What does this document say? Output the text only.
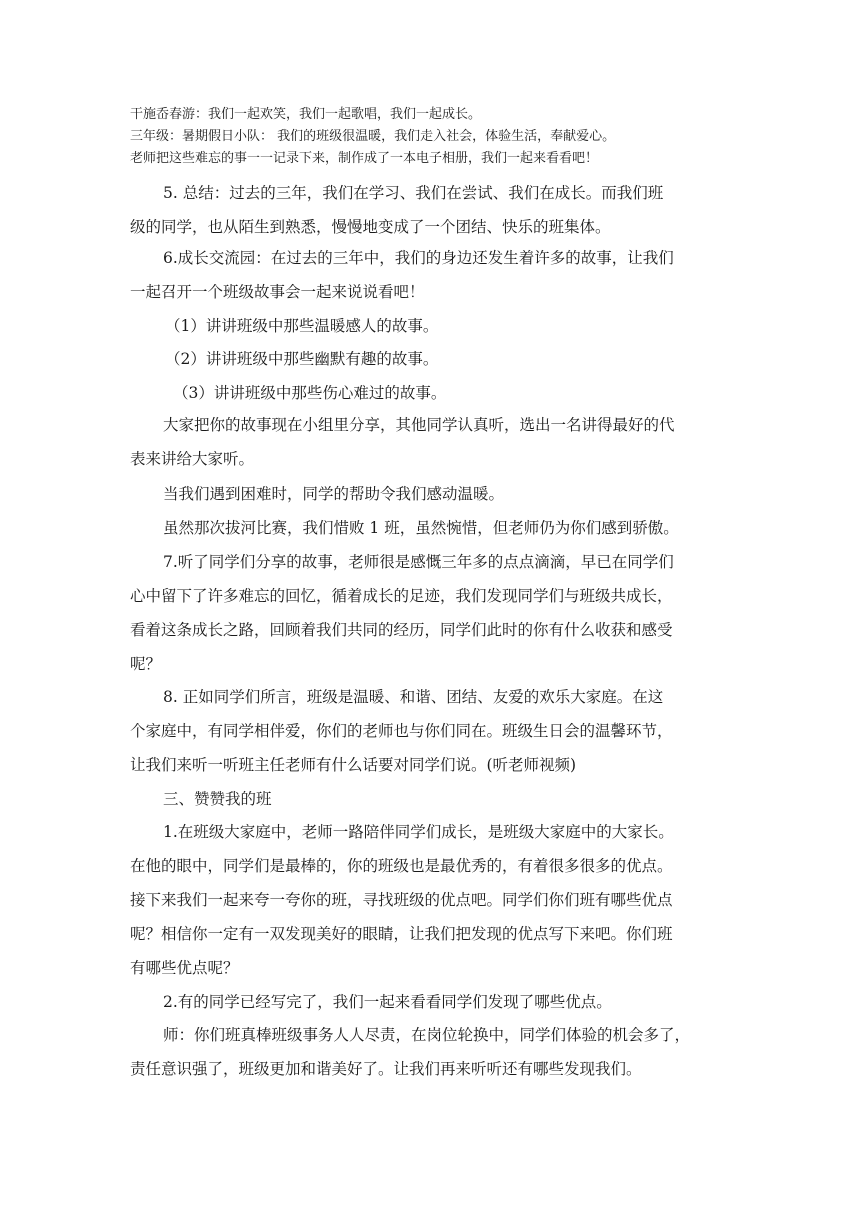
干施岙春游：我们一起欢笑，我们一起歌唱，我们一起成长。
三年级：暑期假日小队： 我们的班级很温暖，我们走入社会，体验生活，奉献爱心。
老师把这些难忘的事一一记录下来，制作成了一本电子相册，我们一起来看看吧！
5. 总结：过去的三年，我们在学习、我们在尝试、我们在成长。而我们班
级的同学，也从陌生到熟悉，慢慢地变成了一个团结、快乐的班集体。
6.成长交流园：在过去的三年中，我们的身边还发生着许多的故事，让我们
一起召开一个班级故事会一起来说说看吧！
（1）讲讲班级中那些温暖感人的故事。
（2）讲讲班级中那些幽默有趣的故事。
（3）讲讲班级中那些伤心难过的故事。
大家把你的故事现在小组里分享，其他同学认真听，选出一名讲得最好的代
表来讲给大家听。
当我们遇到困难时，同学的帮助令我们感动温暖。
虽然那次拔河比赛，我们惜败 1 班，虽然惋惜，但老师仍为你们感到骄傲。
7.听了同学们分享的故事，老师很是感慨三年多的点点滴滴，早已在同学们
心中留下了许多难忘的回忆，循着成长的足迹，我们发现同学们与班级共成长，
看着这条成长之路，回顾着我们共同的经历，同学们此时的你有什么收获和感受
呢？
8. 正如同学们所言，班级是温暖、和谐、团结、友爱的欢乐大家庭。在这
个家庭中，有同学相伴爱，你们的老师也与你们同在。班级生日会的温馨环节，
让我们来听一听班主任老师有什么话要对同学们说。(听老师视频)
三、赞赞我的班
1.在班级大家庭中，老师一路陪伴同学们成长，是班级大家庭中的大家长。
在他的眼中，同学们是最棒的，你的班级也是最优秀的，有着很多很多的优点。
接下来我们一起来夸一夸你的班，寻找班级的优点吧。同学们你们班有哪些优点
呢？相信你一定有一双发现美好的眼睛，让我们把发现的优点写下来吧。你们班
有哪些优点呢？
2.有的同学已经写完了，我们一起来看看同学们发现了哪些优点。
师：你们班真棒班级事务人人尽责，在岗位轮换中，同学们体验的机会多了，
责任意识强了，班级更加和谐美好了。让我们再来听听还有哪些发现我们。
